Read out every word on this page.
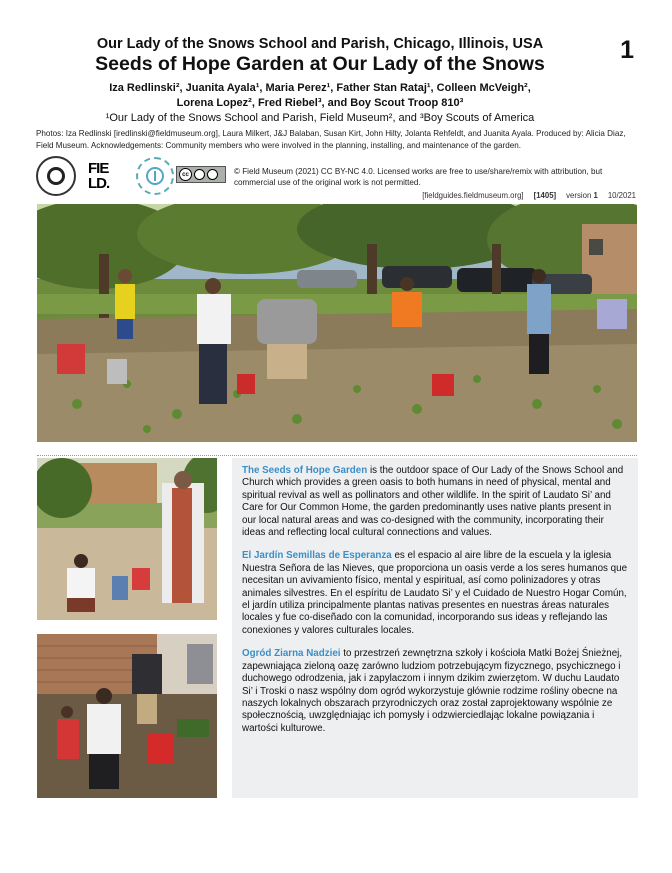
1
Our Lady of the Snows School and Parish, Chicago, Illinois, USA
Seeds of Hope Garden at Our Lady of the Snows
Iza Redlinski², Juanita Ayala¹, Maria Perez¹, Father Stan Rataj¹, Colleen McVeigh²,
Lorena Lopez², Fred Riebel³, and Boy Scout Troop 810³
¹Our Lady of the Snows School and Parish, Field Museum², and ³Boy Scouts of America
Photos: Iza Redlinski [iredlinski@fieldmuseum.org], Laura Milkert, J&J Balaban, Susan Kirt, John Hilty, Jolanta Rehfeldt, and Juanita Ayala. Produced by: Alicia Diaz, Field Museum. Acknowledgements: Community members who were involved in the planning, installing, and maintenance of the garden.
FIE
LD.
cc	© Field Museum (2021) CC BY-NC 4.0. Licensed works are free to use/share/remix with attribution, but commercial use of the original work is not permitted.
[fieldguides.fieldmuseum.org] [1405] version 1 10/2021

The Seeds of Hope Garden is the outdoor space of Our Lady of the Snows School and Church which provides a green oasis to both humans in need of physical, mental and spiritual revival as well as pollinators and other wildlife. In the spirit of Laudato Si’ and Care for Our Common Home, the garden predominantly uses native plants present in our local natural areas and was co-designed with the community, incorporating their ideas and reflecting local cultural connections and values.

El Jardín Semillas de Esperanza es el espacio al aire libre de la escuela y la iglesia Nuestra Señora de las Nieves, que proporciona un oasis verde a los seres humanos que necesitan un avivamiento físico, mental y espiritual, así como polinizadores y otras animales silvestres. En el espíritu de Laudato Si’ y el Cuidado de Nuestro Hogar Común, el jardín utiliza principalmente plantas nativas presentes en nuestras áreas naturales locales y fue co-diseñado con la comunidad, incorporando sus ideas y reflejando las conexiones y valores culturales locales.

Ogród Ziarna Nadziei to przestrzeń zewnętrzna szkoły i kościoła Matki Bożej Śnieżnej, zapewniająca zieloną oazę zarówno ludziom potrzebującym fizycznego, psychicznego i duchowego odrodzenia, jak i zapylaczom i innym dzikim zwierzętom. W duchu Laudato Si’ i Troski o nasz wspólny dom ogród wykorzystuje głównie rodzime rośliny obecne na naszych lokalnych obszarach przyrodniczych oraz został zaprojektowany wspólnie ze społecznością, uwzględniając ich pomysły i odzwierciedlając lokalne powiązania i wartości kulturowe.
